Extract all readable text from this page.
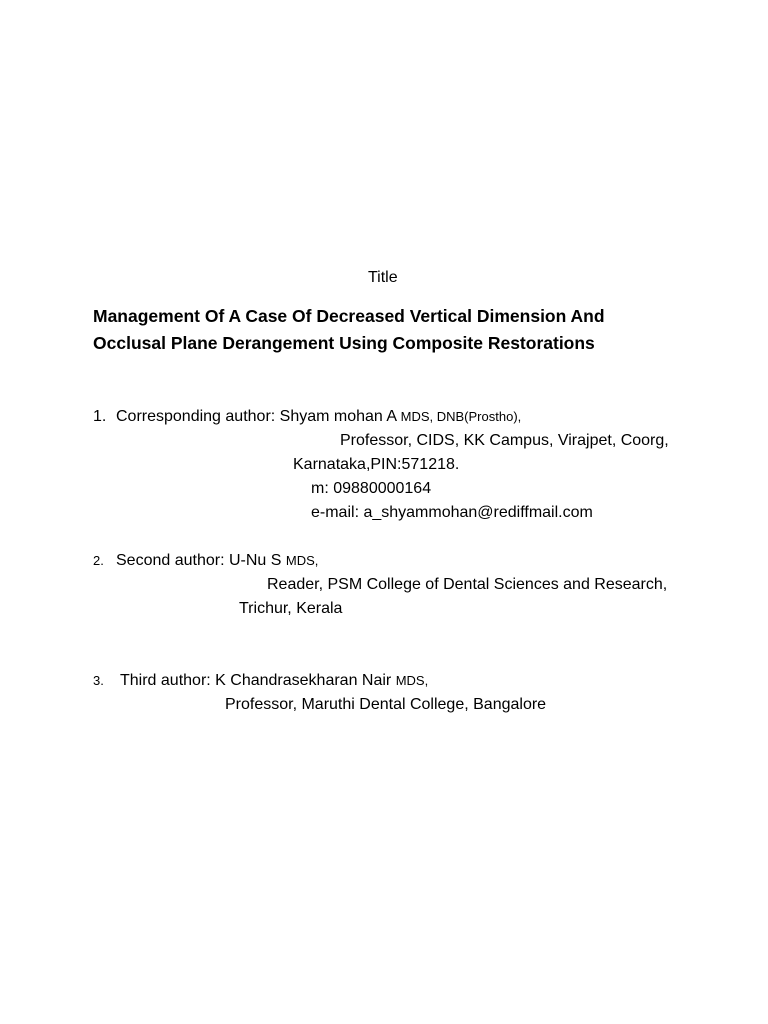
Title
Management Of A Case Of Decreased Vertical Dimension And
Occlusal Plane Derangement Using Composite Restorations
1. Corresponding author: Shyam mohan A MDS, DNB(Prostho),
Professor, CIDS, KK Campus, Virajpet, Coorg,
Karnataka,PIN:571218.
m: 09880000164
e-mail: a_shyammohan@rediffmail.com
2. Second author: U-Nu S MDS,
Reader, PSM College of Dental Sciences and Research,
Trichur, Kerala
3. Third author: K Chandrasekharan Nair MDS,
Professor, Maruthi Dental College, Bangalore
